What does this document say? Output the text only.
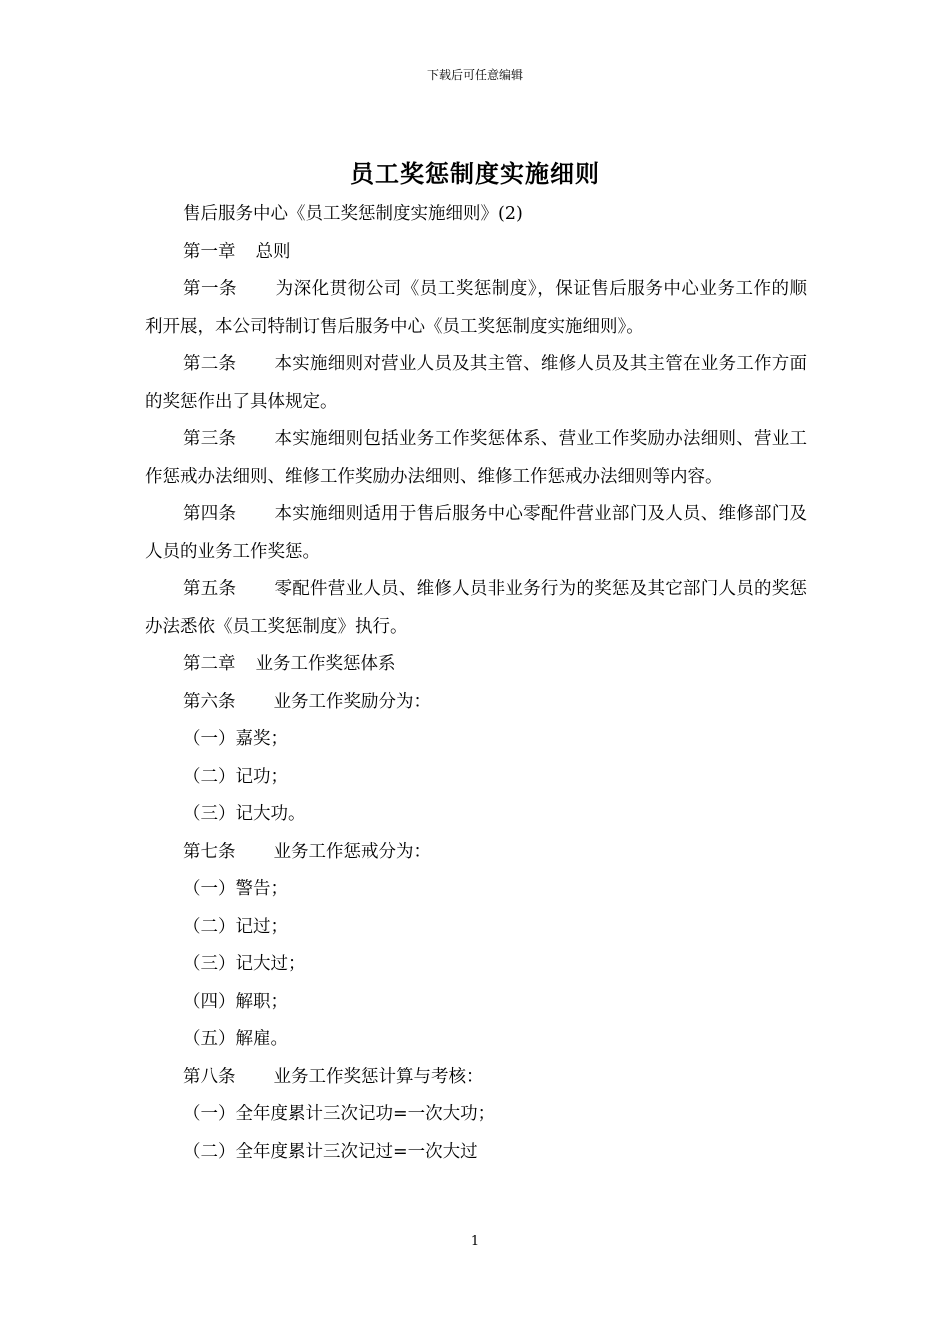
下载后可任意编辑
员工奖惩制度实施细则

售后服务中心《员工奖惩制度实施细则》(2)

第一章 总则

第一条 为深化贯彻公司《员工奖惩制度》，保证售后服务中心业务工作的顺利开展，本公司特制订售后服务中心《员工奖惩制度实施细则》。

第二条 本实施细则对营业人员及其主管、维修人员及其主管在业务工作方面的奖惩作出了具体规定。

第三条 本实施细则包括业务工作奖惩体系、营业工作奖励办法细则、营业工作惩戒办法细则、维修工作奖励办法细则、维修工作惩戒办法细则等内容。

第四条 本实施细则适用于售后服务中心零配件营业部门及人员、维修部门及人员的业务工作奖惩。

第五条 零配件营业人员、维修人员非业务行为的奖惩及其它部门人员的奖惩办法悉依《员工奖惩制度》执行。

第二章 业务工作奖惩体系

第六条 业务工作奖励分为：

（一）嘉奖；

（二）记功；

（三）记大功。

第七条 业务工作惩戒分为：

（一）警告；

（二）记过；

（三）记大过；

（四）解职；

（五）解雇。

第八条 业务工作奖惩计算与考核：

（一）全年度累计三次记功=一次大功；

（二）全年度累计三次记过=一次大过

1
